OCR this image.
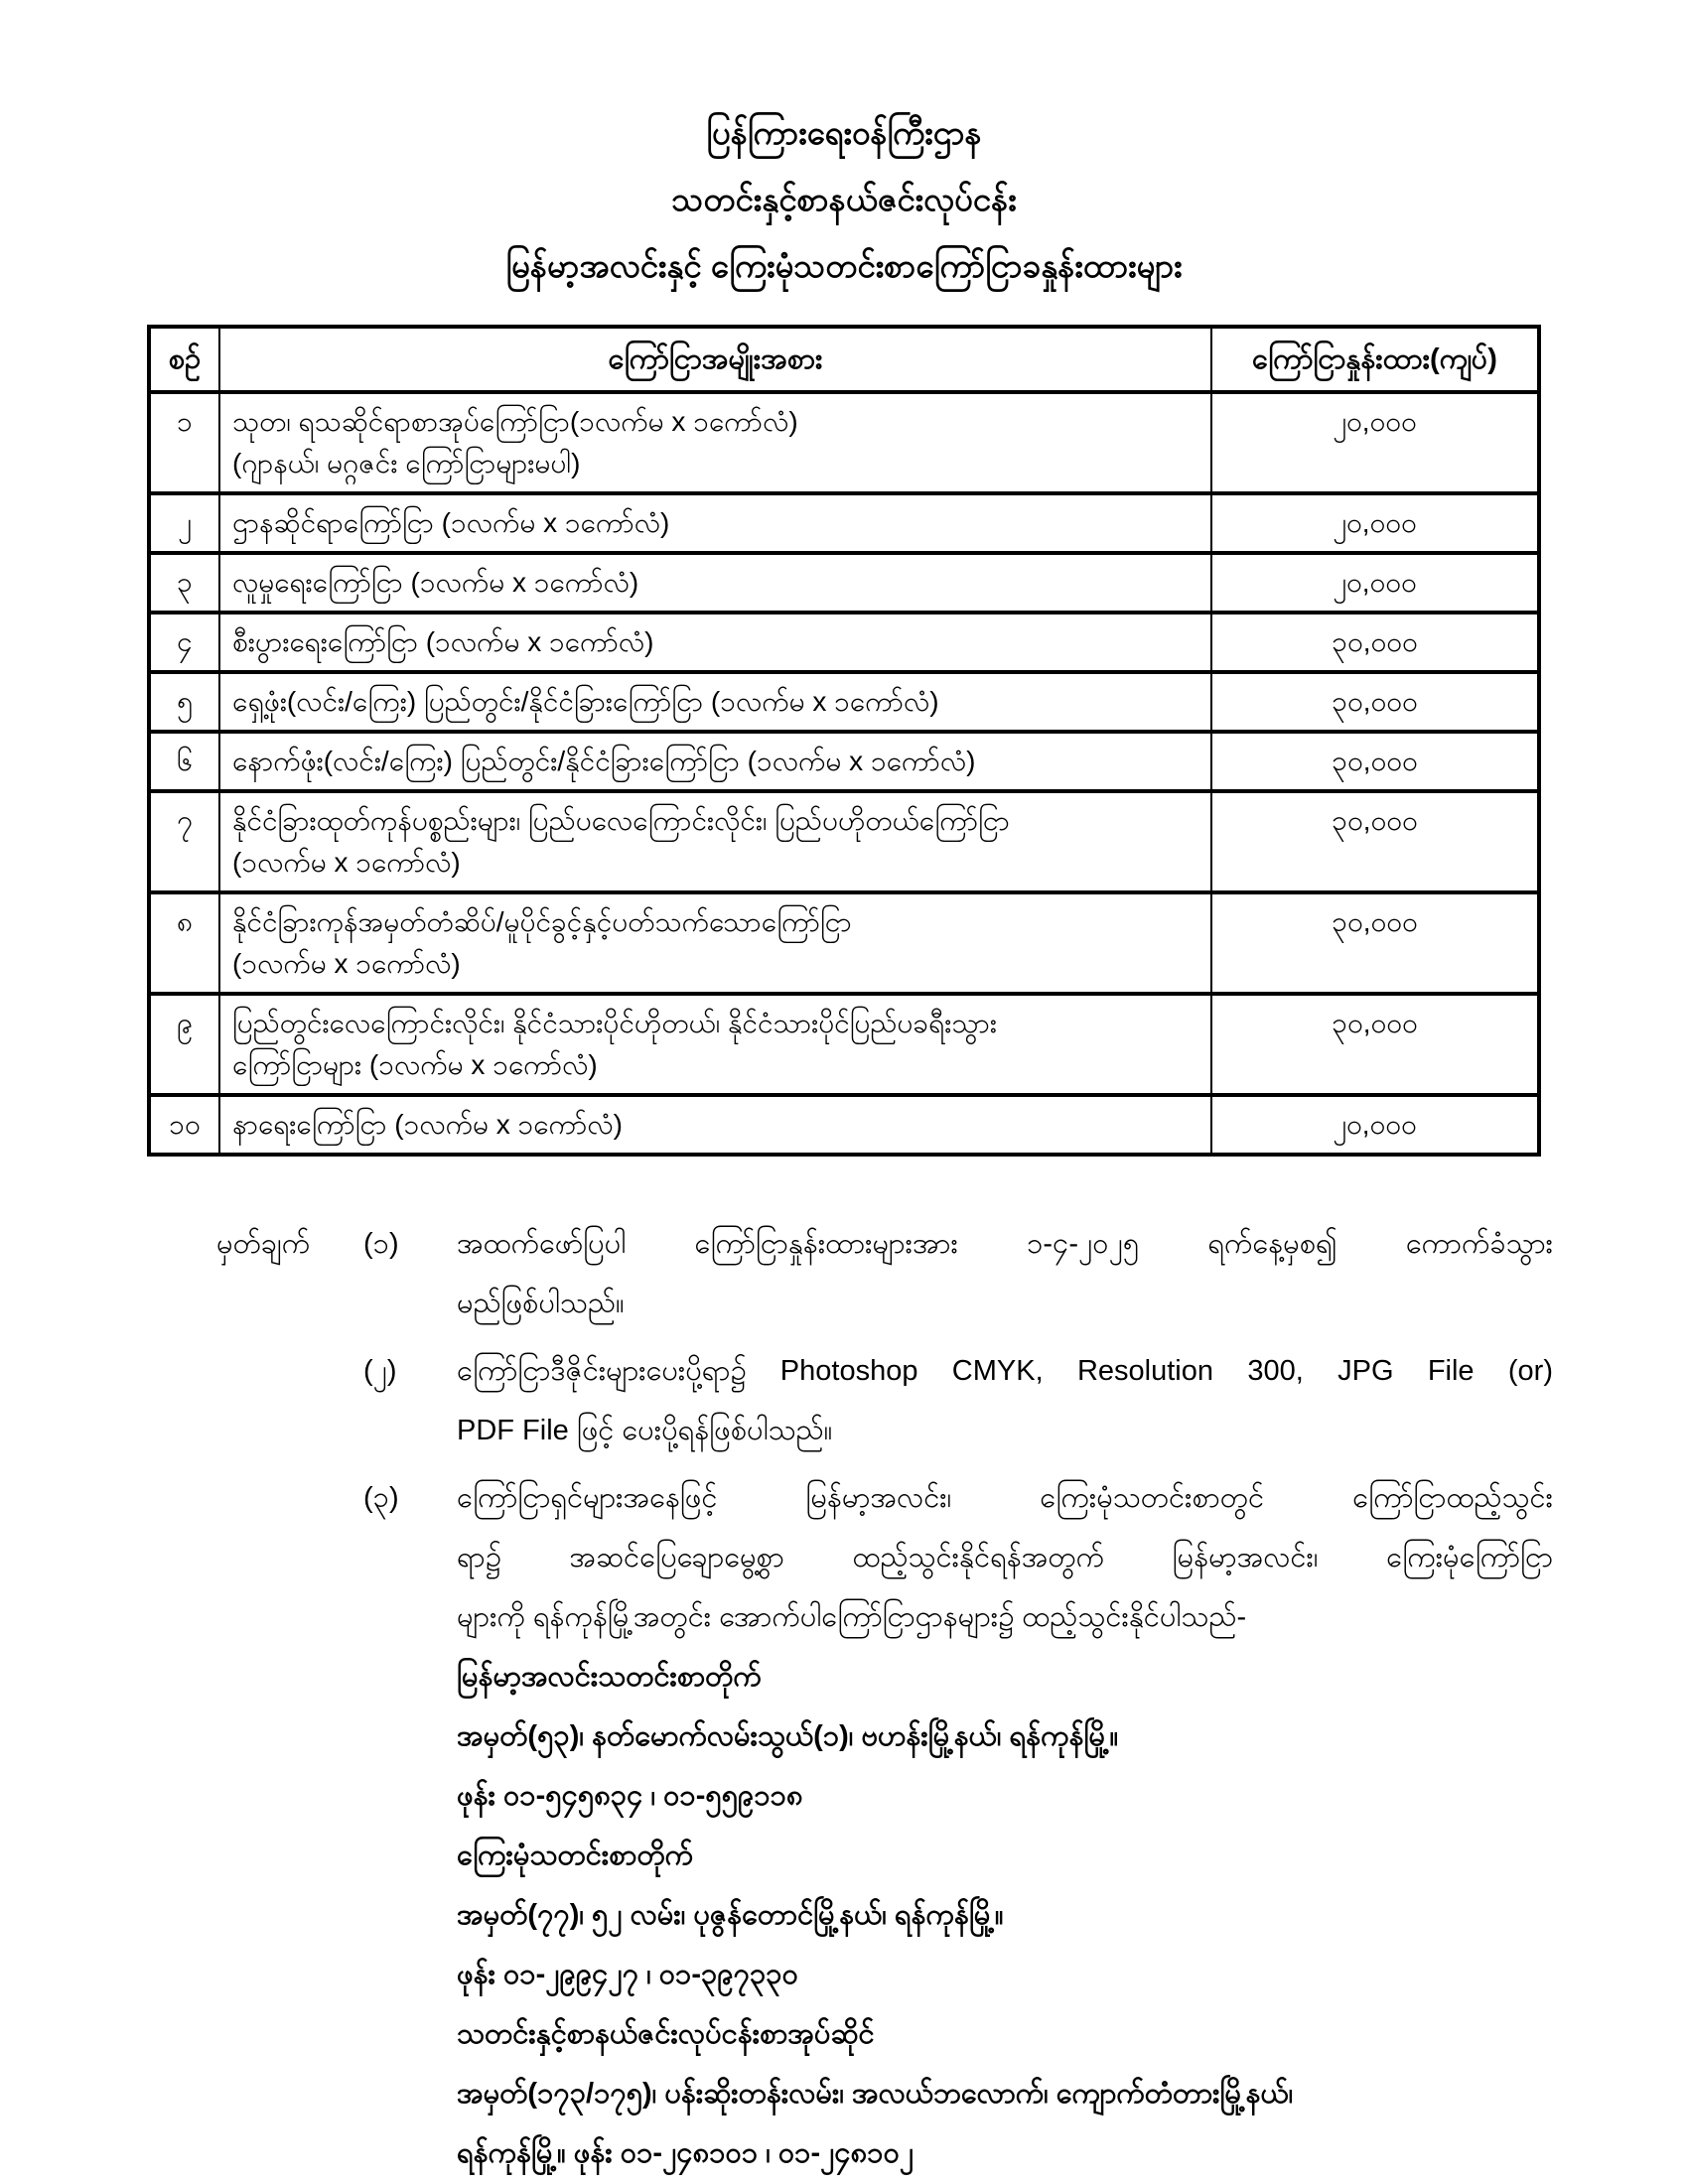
ပြန်ကြားရေးဝန်ကြီးဌာန
သတင်းနှင့်စာနယ်ဇင်းလုပ်ငန်း
မြန်မာ့အလင်းနှင့် ကြေးမုံသတင်းစာကြော်ငြာခနှုန်းထားများ
စဉ်	ကြော်ငြာအမျိုးအစား	ကြော်ငြာနှုန်းထား(ကျပ်)
၁	သုတ၊ ရသဆိုင်ရာစာအုပ်ကြော်ငြာ(၁လက်မ x ၁ကော်လံ)
(ဂျာနယ်၊ မဂ္ဂဇင်း ကြော်ငြာများမပါ)	၂၀,၀၀၀
၂	ဌာနဆိုင်ရာကြော်ငြာ (၁လက်မ x ၁ကော်လံ)	၂၀,၀၀၀
၃	လူမှုရေးကြော်ငြာ (၁လက်မ x ၁ကော်လံ)	၂၀,၀၀၀
၄	စီးပွားရေးကြော်ငြာ (၁လက်မ x ၁ကော်လံ)	၃၀,၀၀၀
၅	ရှေ့ဖုံး(လင်း/ကြေး) ပြည်တွင်း/နိုင်ငံခြားကြော်ငြာ (၁လက်မ x ၁ကော်လံ)	၃၀,၀၀၀
၆	နောက်ဖုံး(လင်း/ကြေး) ပြည်တွင်း/နိုင်ငံခြားကြော်ငြာ (၁လက်မ x ၁ကော်လံ)	၃၀,၀၀၀
၇	နိုင်ငံခြားထုတ်ကုန်ပစ္စည်းများ၊ ပြည်ပလေကြောင်းလိုင်း၊ ပြည်ပဟိုတယ်ကြော်ငြာ
(၁လက်မ x ၁ကော်လံ)	၃၀,၀၀၀
၈	နိုင်ငံခြားကုန်အမှတ်တံဆိပ်/မူပိုင်ခွင့်နှင့်ပတ်သက်သောကြော်ငြာ
(၁လက်မ x ၁ကော်လံ)	၃၀,၀၀၀
၉	ပြည်တွင်းလေကြောင်းလိုင်း၊ နိုင်ငံသားပိုင်ဟိုတယ်၊ နိုင်ငံသားပိုင်ပြည်ပခရီးသွား
ကြော်ငြာများ (၁လက်မ x ၁ကော်လံ)	၃၀,၀၀၀
၁၀	နာရေးကြော်ငြာ (၁လက်မ x ၁ကော်လံ)	၂၀,၀၀၀
မှတ်ချက်	(၁)	အထက်ဖော်ပြပါ ကြော်ငြာနှုန်းထားများအား ၁-၄-၂၀၂၅ ရက်နေ့မှစ၍ ကောက်ခံသွား
မည်ဖြစ်ပါသည်။
(၂)	ကြော်ငြာဒီဇိုင်းများပေးပို့ရာ၌ Photoshop CMYK, Resolution 300, JPG File (or)
PDF File ဖြင့် ပေးပို့ရန်ဖြစ်ပါသည်။
(၃)	ကြော်ငြာရှင်များအနေဖြင့် မြန်မာ့အလင်း၊ ကြေးမုံသတင်းစာတွင် ကြော်ငြာထည့်သွင်း
ရာ၌ အဆင်ပြေချောမွေ့စွာ ထည့်သွင်းနိုင်ရန်အတွက် မြန်မာ့အလင်း၊ ကြေးမုံကြော်ငြာ
များကို ရန်ကုန်မြို့အတွင်း အောက်ပါကြော်ငြာဌာနများ၌ ထည့်သွင်းနိုင်ပါသည်-
မြန်မာ့အလင်းသတင်းစာတိုက်
အမှတ်(၅၃)၊ နတ်မောက်လမ်းသွယ်(၁)၊ ဗဟန်းမြို့နယ်၊ ရန်ကုန်မြို့။
ဖုန်း ၀၁-၅၄၅၈၃၄ ၊ ၀၁-၅၅၉၁၁၈
ကြေးမုံသတင်းစာတိုက်
အမှတ်(၇၇)၊ ၅၂ လမ်း၊ ပုဇွန်တောင်မြို့နယ်၊ ရန်ကုန်မြို့။
ဖုန်း ၀၁-၂၉၉၄၂၇ ၊ ၀၁-၃၉၇၃၃၀
သတင်းနှင့်စာနယ်ဇင်းလုပ်ငန်းစာအုပ်ဆိုင်
အမှတ်(၁၇၃/၁၇၅)၊ ပန်းဆိုးတန်းလမ်း၊ အလယ်ဘလောက်၊ ကျောက်တံတားမြို့နယ်၊
ရန်ကုန်မြို့။ ဖုန်း ၀၁-၂၄၈၁၀၁ ၊ ၀၁-၂၄၈၁၀၂
